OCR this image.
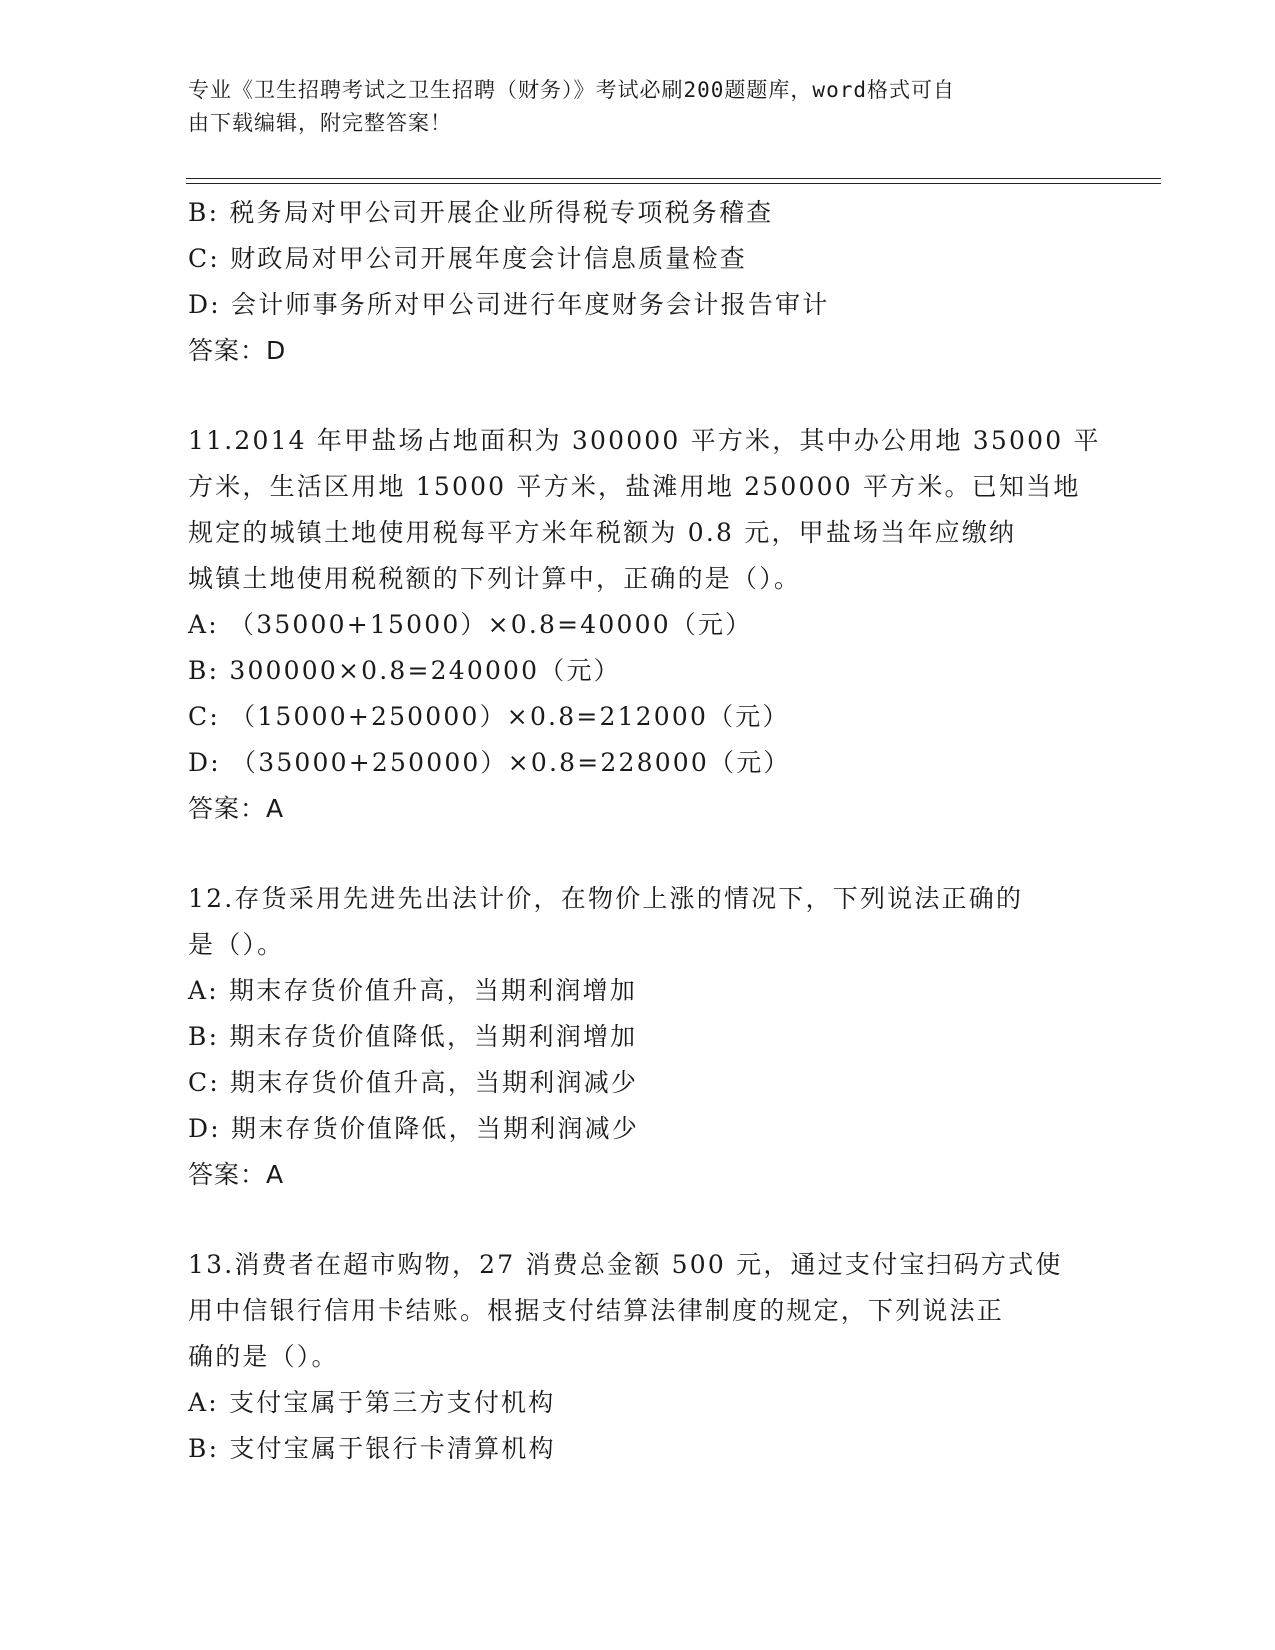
专业《卫生招聘考试之卫生招聘（财务）》考试必刷200题题库，word格式可自
由下载编辑，附完整答案！
B: 税务局对甲公司开展企业所得税专项税务稽查
C: 财政局对甲公司开展年度会计信息质量检查
D: 会计师事务所对甲公司进行年度财务会计报告审计
答案：D
11.2014 年甲盐场占地面积为 300000 平方米，其中办公用地 35000 平
方米，生活区用地 15000 平方米，盐滩用地 250000 平方米。已知当地
规定的城镇土地使用税每平方米年税额为 0.8 元，甲盐场当年应缴纳
城镇土地使用税税额的下列计算中，正确的是（）。
A: （35000+15000）×0.8=40000（元）
B: 300000×0.8=240000（元）
C: （15000+250000）×0.8=212000（元）
D: （35000+250000）×0.8=228000（元）
答案：A
12.存货采用先进先出法计价，在物价上涨的情况下，下列说法正确的
是（）。
A: 期末存货价值升高，当期利润增加
B: 期末存货价值降低，当期利润增加
C: 期末存货价值升高，当期利润减少
D: 期末存货价值降低，当期利润减少
答案：A
13.消费者在超市购物，27 消费总金额 500 元，通过支付宝扫码方式使
用中信银行信用卡结账。根据支付结算法律制度的规定，下列说法正
确的是（）。
A: 支付宝属于第三方支付机构
B: 支付宝属于银行卡清算机构
